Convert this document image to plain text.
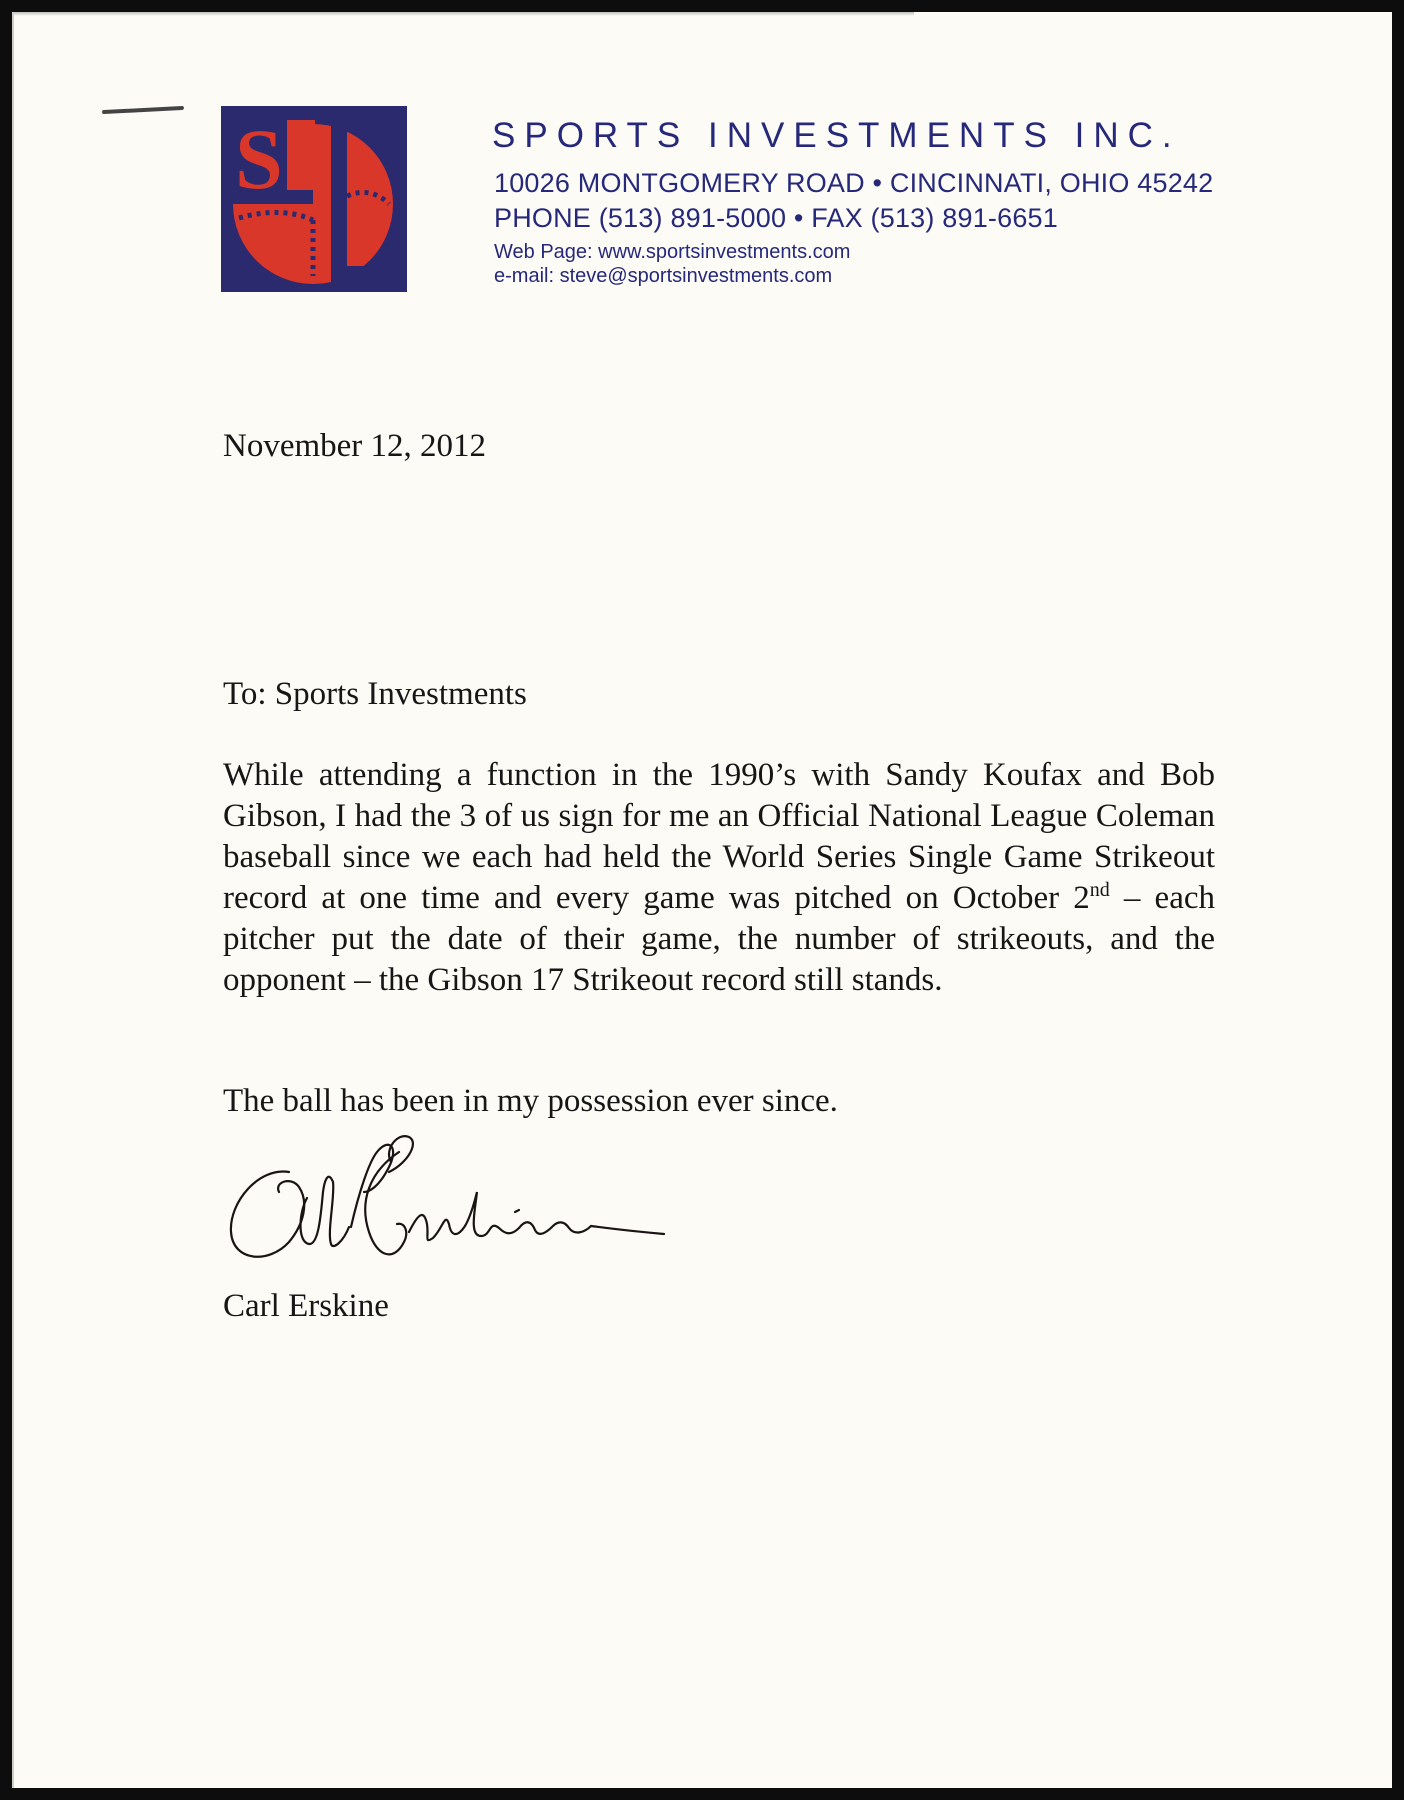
S	SPORTS INVESTMENTS INC.
10026 MONTGOMERY ROAD • CINCINNATI, OHIO 45242
PHONE (513) 891-5000 • FAX (513) 891-6651
Web Page: www.sportsinvestments.com
e-mail: steve@sportsinvestments.com
November 12, 2012
To: Sports Investments
While attending a function in the 1990’s with Sandy Koufax and Bob Gibson, I had the 3 of us sign for me an Official National League Coleman baseball since we each had held the World Series Single Game Strikeout record at one time and every game was pitched on October 2nd – each pitcher put the date of their game, the number of strikeouts, and the opponent – the Gibson 17 Strikeout record still stands.
The ball has been in my possession ever since.
Carl Erskine
